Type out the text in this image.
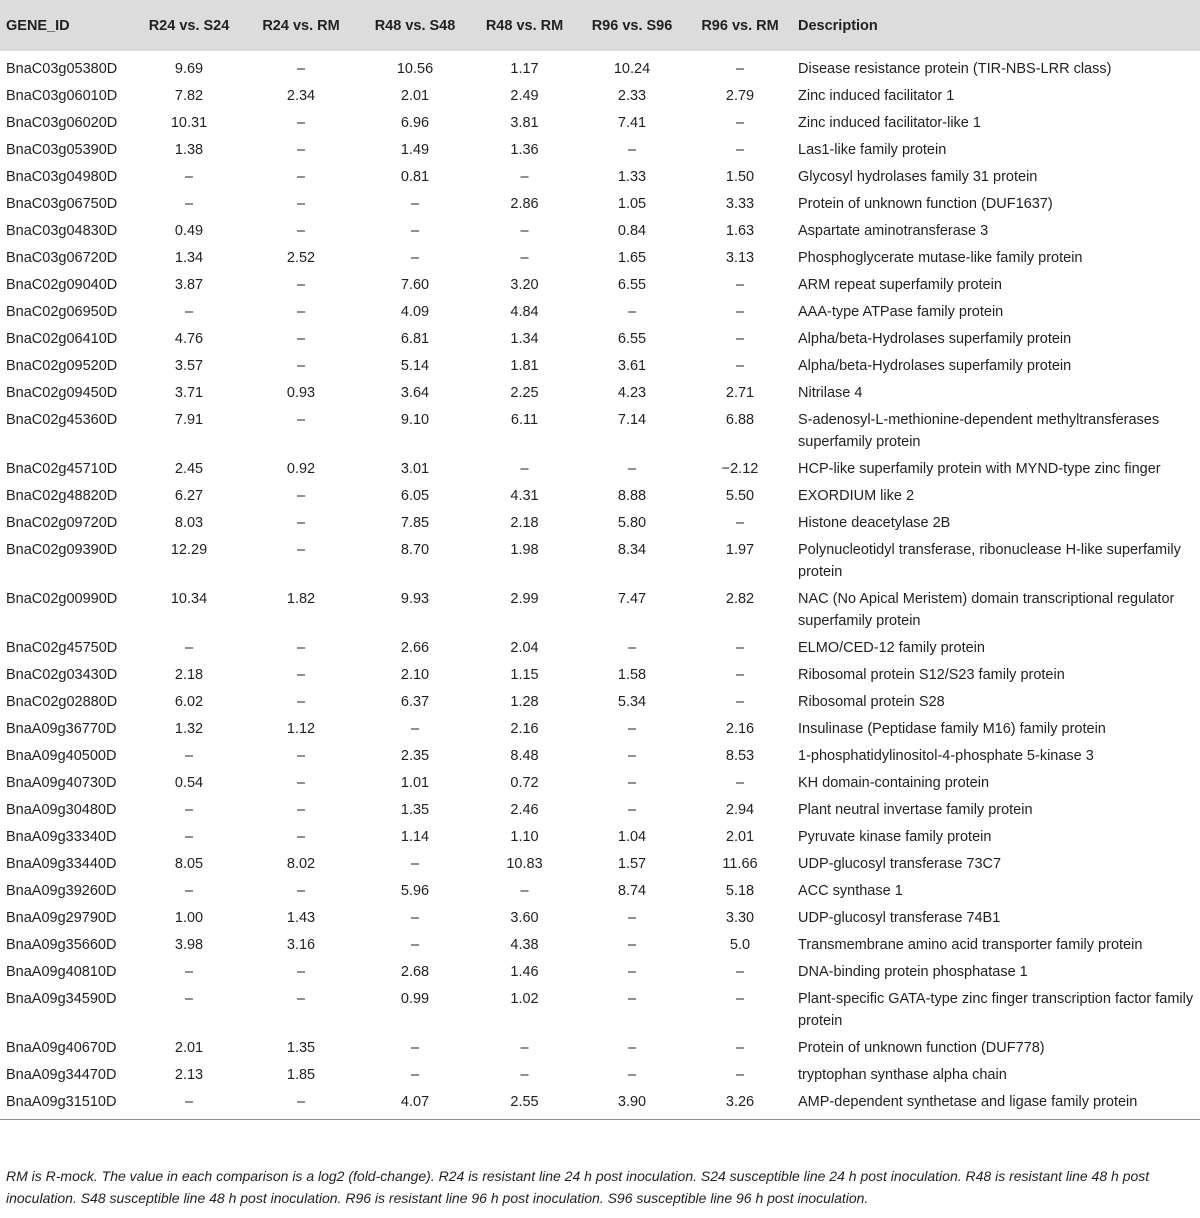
GENE_ID	R24 vs. S24	R24 vs. RM	R48 vs. S48	R48 vs. RM	R96 vs. S96	R96 vs. RM	Description
BnaC03g05380D	9.69	–	10.56	1.17	10.24	–	Disease resistance protein (TIR-NBS-LRR class)
BnaC03g06010D	7.82	2.34	2.01	2.49	2.33	2.79	Zinc induced facilitator 1
BnaC03g06020D	10.31	–	6.96	3.81	7.41	–	Zinc induced facilitator-like 1
BnaC03g05390D	1.38	–	1.49	1.36	–	–	Las1-like family protein
BnaC03g04980D	–	–	0.81	–	1.33	1.50	Glycosyl hydrolases family 31 protein
BnaC03g06750D	–	–	–	2.86	1.05	3.33	Protein of unknown function (DUF1637)
BnaC03g04830D	0.49	–	–	–	0.84	1.63	Aspartate aminotransferase 3
BnaC03g06720D	1.34	2.52	–	–	1.65	3.13	Phosphoglycerate mutase-like family protein
BnaC02g09040D	3.87	–	7.60	3.20	6.55	–	ARM repeat superfamily protein
BnaC02g06950D	–	–	4.09	4.84	–	–	AAA-type ATPase family protein
BnaC02g06410D	4.76	–	6.81	1.34	6.55	–	Alpha/beta-Hydrolases superfamily protein
BnaC02g09520D	3.57	–	5.14	1.81	3.61	–	Alpha/beta-Hydrolases superfamily protein
BnaC02g09450D	3.71	0.93	3.64	2.25	4.23	2.71	Nitrilase 4
BnaC02g45360D	7.91	–	9.10	6.11	7.14	6.88	S-adenosyl-L-methionine-dependent methyltransferases superfamily protein
BnaC02g45710D	2.45	0.92	3.01	–	–	−2.12	HCP-like superfamily protein with MYND-type zinc finger
BnaC02g48820D	6.27	–	6.05	4.31	8.88	5.50	EXORDIUM like 2
BnaC02g09720D	8.03	–	7.85	2.18	5.80	–	Histone deacetylase 2B
BnaC02g09390D	12.29	–	8.70	1.98	8.34	1.97	Polynucleotidyl transferase, ribonuclease H-like superfamily protein
BnaC02g00990D	10.34	1.82	9.93	2.99	7.47	2.82	NAC (No Apical Meristem) domain transcriptional regulator superfamily protein
BnaC02g45750D	–	–	2.66	2.04	–	–	ELMO/CED-12 family protein
BnaC02g03430D	2.18	–	2.10	1.15	1.58	–	Ribosomal protein S12/S23 family protein
BnaC02g02880D	6.02	–	6.37	1.28	5.34	–	Ribosomal protein S28
BnaA09g36770D	1.32	1.12	–	2.16	–	2.16	Insulinase (Peptidase family M16) family protein
BnaA09g40500D	–	–	2.35	8.48	–	8.53	1-phosphatidylinositol-4-phosphate 5-kinase 3
BnaA09g40730D	0.54	–	1.01	0.72	–	–	KH domain-containing protein
BnaA09g30480D	–	–	1.35	2.46	–	2.94	Plant neutral invertase family protein
BnaA09g33340D	–	–	1.14	1.10	1.04	2.01	Pyruvate kinase family protein
BnaA09g33440D	8.05	8.02	–	10.83	1.57	11.66	UDP-glucosyl transferase 73C7
BnaA09g39260D	–	–	5.96	–	8.74	5.18	ACC synthase 1
BnaA09g29790D	1.00	1.43	–	3.60	–	3.30	UDP-glucosyl transferase 74B1
BnaA09g35660D	3.98	3.16	–	4.38	–	5.0	Transmembrane amino acid transporter family protein
BnaA09g40810D	–	–	2.68	1.46	–	–	DNA-binding protein phosphatase 1
BnaA09g34590D	–	–	0.99	1.02	–	–	Plant-specific GATA-type zinc finger transcription factor family protein
BnaA09g40670D	2.01	1.35	–	–	–	–	Protein of unknown function (DUF778)
BnaA09g34470D	2.13	1.85	–	–	–	–	tryptophan synthase alpha chain
BnaA09g31510D	–	–	4.07	2.55	3.90	3.26	AMP-dependent synthetase and ligase family protein
RM is R-mock. The value in each comparison is a log2 (fold-change). R24 is resistant line 24 h post inoculation. S24 susceptible line 24 h post inoculation. R48 is resistant line 48 h post inoculation. S48 susceptible line 48 h post inoculation. R96 is resistant line 96 h post inoculation. S96 susceptible line 96 h post inoculation.
